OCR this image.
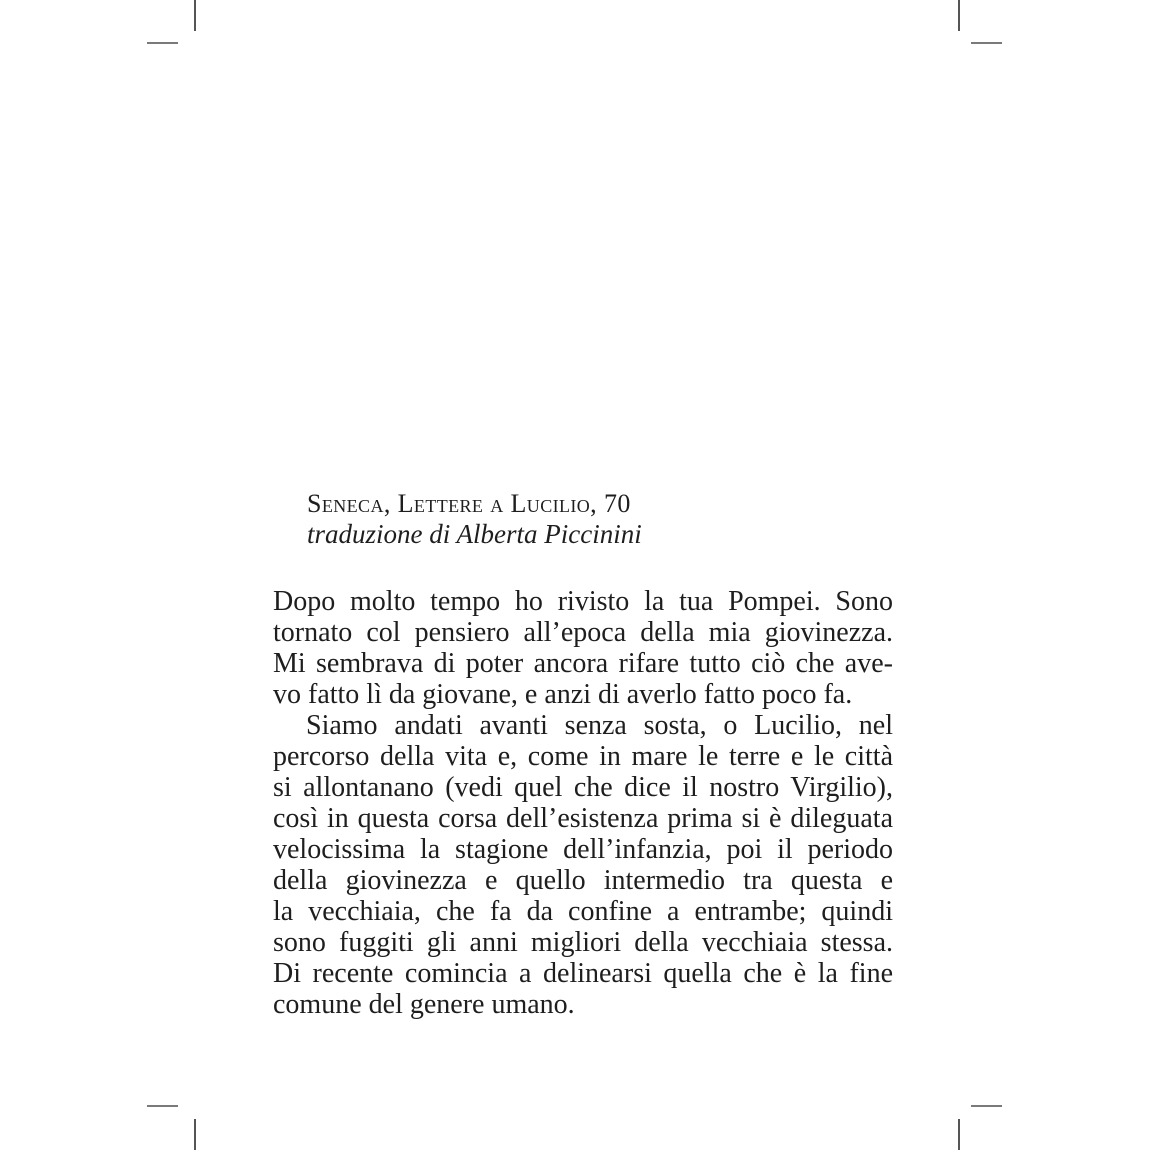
Seneca, Lettere a Lucilio, 70
traduzione di Alberta Piccinini
Dopo molto tempo ho rivisto la tua Pompei. Sono
tornato col pensiero all’epoca della mia giovinezza.
Mi sembrava di poter ancora rifare tutto ciò che ave-
vo fatto lì da giovane, e anzi di averlo fatto poco fa.
Siamo andati avanti senza sosta, o Lucilio, nel
percorso della vita e, come in mare le terre e le città
si allontanano (vedi quel che dice il nostro Virgilio),
così in questa corsa dell’esistenza prima si è dileguata
velocissima la stagione dell’infanzia, poi il periodo
della giovinezza e quello intermedio tra questa e
la vecchiaia, che fa da confine a entrambe; quindi
sono fuggiti gli anni migliori della vecchiaia stessa.
Di recente comincia a delinearsi quella che è la fine
comune del genere umano.
